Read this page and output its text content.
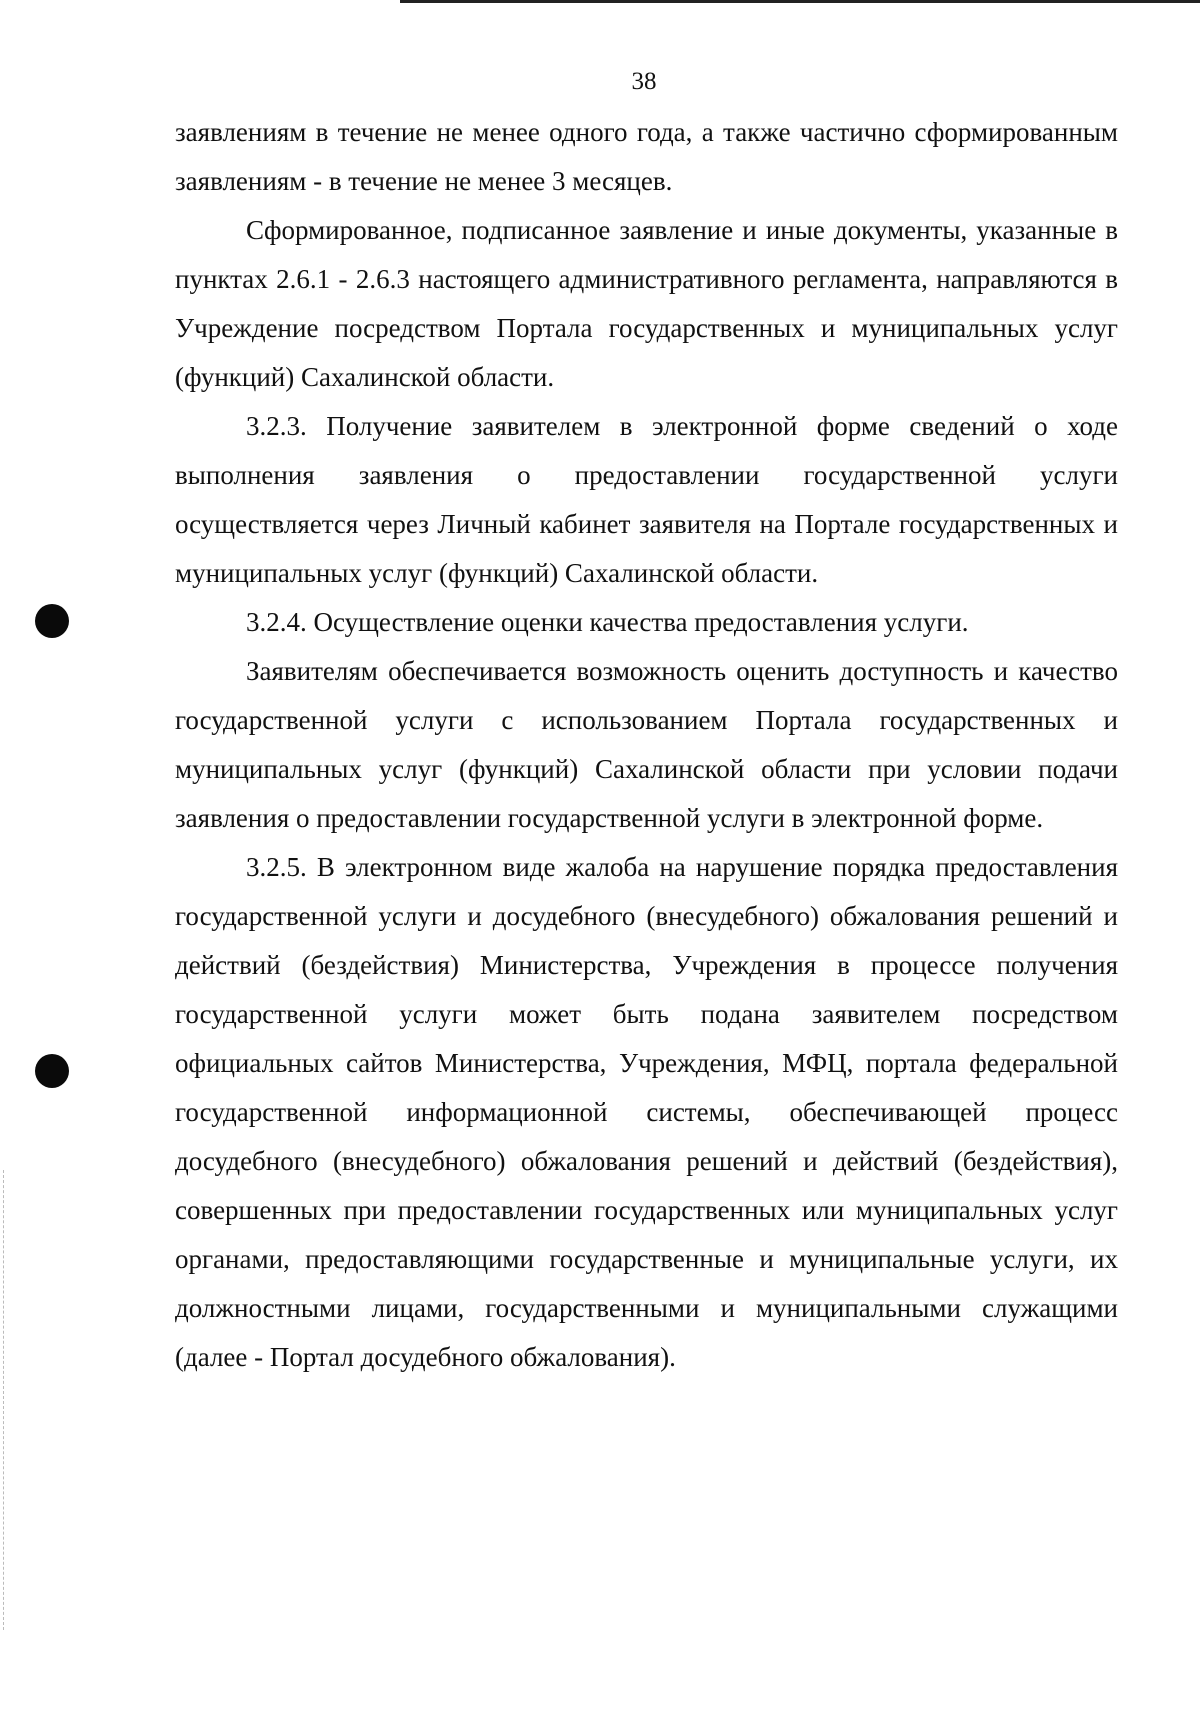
38

заявлениям в течение не менее одного года, а также частично сформированным заявлениям - в течение не менее 3 месяцев.

Сформированное, подписанное заявление и иные документы, указанные в пунктах 2.6.1 - 2.6.3 настоящего административного регламента, направляются в Учреждение посредством Портала государственных и муниципальных услуг (функций) Сахалинской области.

3.2.3. Получение заявителем в электронной форме сведений о ходе выполнения заявления о предоставлении государственной услуги осуществляется через Личный кабинет заявителя на Портале государственных и муниципальных услуг (функций) Сахалинской области.

3.2.4. Осуществление оценки качества предоставления услуги.

Заявителям обеспечивается возможность оценить доступность и качество государственной услуги с использованием Портала государственных и муниципальных услуг (функций) Сахалинской области при условии подачи заявления о предоставлении государственной услуги в электронной форме.

3.2.5. В электронном виде жалоба на нарушение порядка предоставления государственной услуги и досудебного (внесудебного) обжалования решений и действий (бездействия) Министерства, Учреждения в процессе получения государственной услуги может быть подана заявителем посредством официальных сайтов Министерства, Учреждения, МФЦ, портала федеральной государственной информационной системы, обеспечивающей процесс досудебного (внесудебного) обжалования решений и действий (бездействия), совершенных при предоставлении государственных или муниципальных услуг органами, предоставляющими государственные и муниципальные услуги, их должностными лицами, государственными и муниципальными служащими (далее - Портал досудебного обжалования).
